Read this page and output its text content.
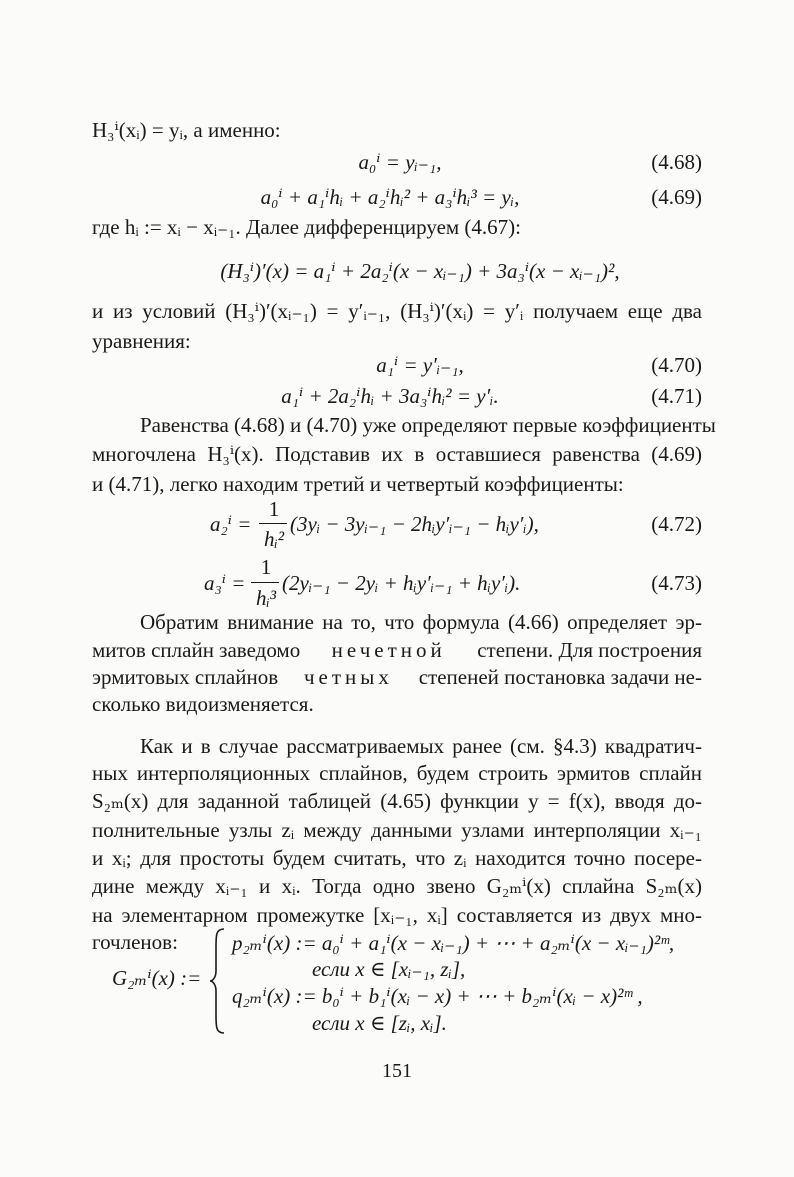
H₃ⁱ(xᵢ) = yᵢ, а именно:
a₀ⁱ = yᵢ₋₁,	(4.68)
a₀ⁱ + a₁ⁱhᵢ + a₂ⁱhᵢ² + a₃ⁱhᵢ³ = yᵢ,	(4.69)
где hᵢ := xᵢ − xᵢ₋₁. Далее дифференцируем (4.67):
(H₃ⁱ)′(x) = a₁ⁱ + 2a₂ⁱ(x − xᵢ₋₁) + 3a₃ⁱ(x − xᵢ₋₁)²,
и из условий (H₃ⁱ)′(xᵢ₋₁) = y′ᵢ₋₁, (H₃ⁱ)′(xᵢ) = y′ᵢ получаем еще два
уравнения:
a₁ⁱ = y′ᵢ₋₁,	(4.70)
a₁ⁱ + 2a₂ⁱhᵢ + 3a₃ⁱhᵢ² = y′ᵢ.	(4.71)
Равенства (4.68) и (4.70) уже определяют первые коэффициенты
многочлена H₃ⁱ(x). Подставив их в оставшиеся равенства (4.69)
и (4.71), легко находим третий и четвертый коэффициенты:
a₂ⁱ =
1
hᵢ²
(3yᵢ − 3yᵢ₋₁ − 2hᵢy′ᵢ₋₁ − hᵢy′ᵢ),	(4.72)
a₃ⁱ =
1
hᵢ³
(2yᵢ₋₁ − 2yᵢ + hᵢy′ᵢ₋₁ + hᵢy′ᵢ).	(4.73)
Обратим внимание на то, что формула (4.66) определяет эр-
митов сплайн заведомо нечетной степени. Для построения
эрмитовых сплайнов четных степеней постановка задачи не-
сколько видоизменяется.
Как и в случае рассматриваемых ранее (см. §4.3) квадратич-
ных интерполяционных сплайнов, будем строить эрмитов сплайн
S₂ₘ(x) для заданной таблицей (4.65) функции y = f(x), вводя до-
полнительные узлы zᵢ между данными узлами интерполяции xᵢ₋₁
и xᵢ; для простоты будем считать, что zᵢ находится точно посере-
дине между xᵢ₋₁ и xᵢ. Тогда одно звено G₂ₘⁱ(x) сплайна S₂ₘ(x)
на элементарном промежутке [xᵢ₋₁, xᵢ] составляется из двух мно-
гочленов:
G₂ₘⁱ(x) :=
p₂ₘⁱ(x) := a₀ⁱ + a₁ⁱ(x − xᵢ₋₁) + ⋯ + a₂ₘⁱ(x − xᵢ₋₁)²ᵐ,
если x ∈ [xᵢ₋₁, zᵢ],
q₂ₘⁱ(x) := b₀ⁱ + b₁ⁱ(xᵢ − x) + ⋯ + b₂ₘⁱ(xᵢ − x)²ᵐ ,
если x ∈ [zᵢ, xᵢ].
151
